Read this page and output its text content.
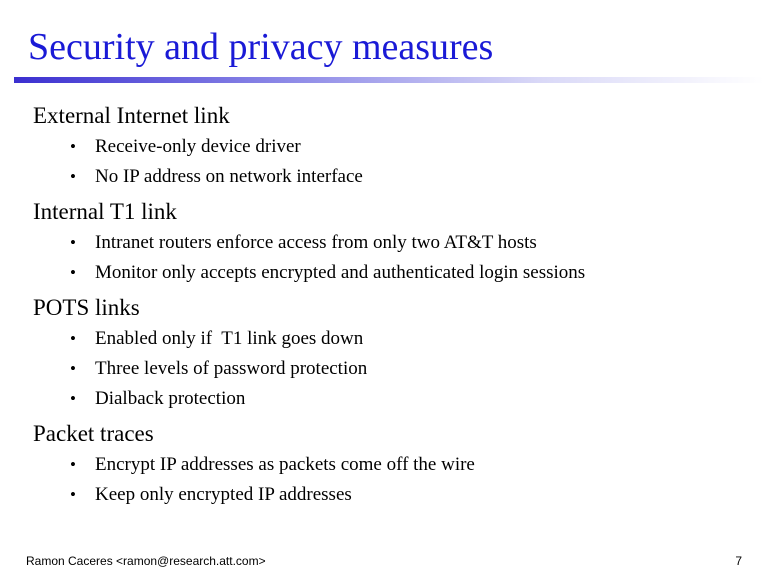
Security and privacy measures
External Internet link
• Receive-only device driver
• No IP address on network interface
Internal T1 link
• Intranet routers enforce access from only two AT&T hosts
• Monitor only accepts encrypted and authenticated login sessions
POTS links
• Enabled only if  T1 link goes down
• Three levels of password protection
• Dialback protection
Packet traces
• Encrypt IP addresses as packets come off the wire
• Keep only encrypted IP addresses
Ramon Caceres <ramon@research.att.com>	7
